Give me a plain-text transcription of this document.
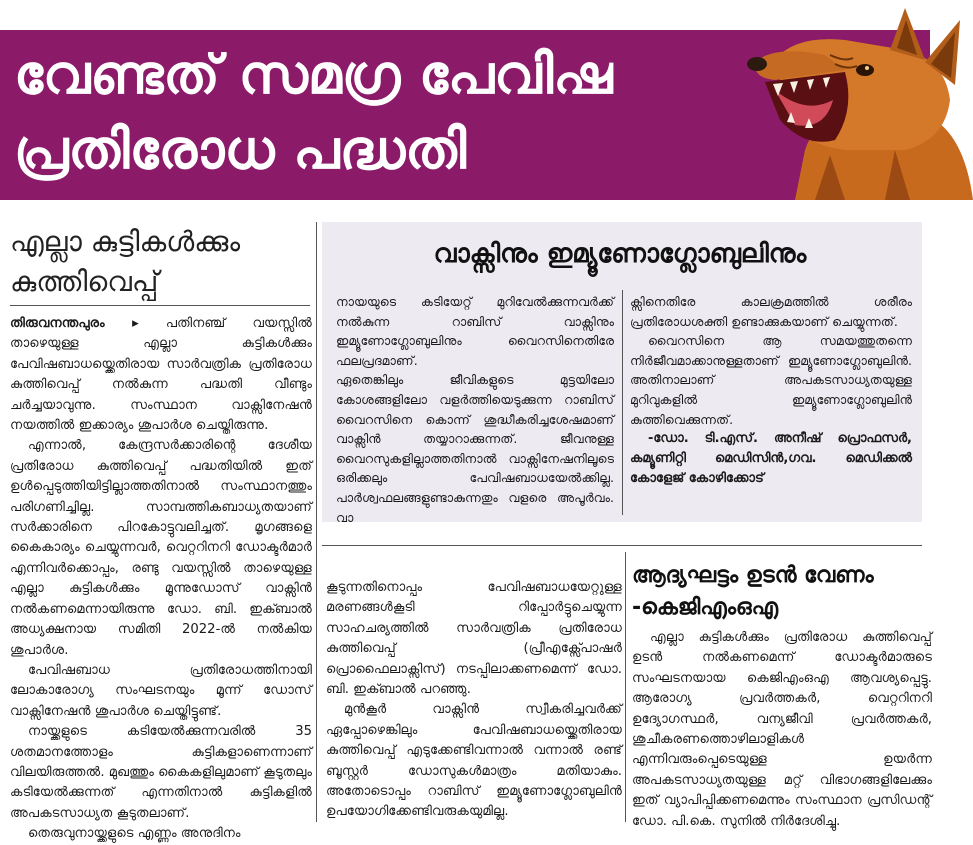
വേണ്ടത് സമഗ്ര പേവിഷ
പ്രതിരോധ പദ്ധതി
എല്ലാ കുട്ടികൾക്കും കുത്തിവെപ്പ്

തിരുവനന്തപുരം ▸ പതിനഞ്ച് വയസ്സിൽ താഴെയുള്ള എല്ലാ കുട്ടികൾക്കും പേവിഷബാധയ്ക്കെതിരായ സാർവത്രിക പ്രതിരോധ കുത്തിവെപ്പ് നൽകുന്ന പദ്ധതി വീണ്ടും ചർച്ചയാവുന്നു. സംസ്ഥാന വാക്സിനേഷൻ നയത്തിൽ ഇക്കാര്യം ശുപാർശ ചെയ്തിരുന്നു.

എന്നാൽ, കേന്ദ്രസർക്കാരിന്റെ ദേശീയ പ്രതിരോധ കുത്തിവെപ്പ് പദ്ധതിയിൽ ഇത് ഉൾപ്പെടുത്തിയിട്ടില്ലാത്തതിനാൽ സംസ്ഥാനത്തും പരിഗണിച്ചില്ല. സാമ്പത്തികബാധ്യതയാണ് സർക്കാരിനെ പിറകോട്ടുവലിച്ചത്. മൃഗങ്ങളെ കൈകാര്യം ചെയ്യുന്നവർ, വെറ്ററിനറി ഡോക്ടർമാർ എന്നിവർക്കൊപ്പം, രണ്ടു വയസ്സിൽ താഴെയുള്ള എല്ലാ കുട്ടികൾക്കും മൂന്നുഡോസ് വാക്സിൻ നൽകണമെന്നായിരുന്നു ഡോ. ബി. ഇക്ബാൽ അധ്യക്ഷനായ സമിതി 2022-ൽ നൽകിയ ശുപാർശ.

പേവിഷബാധ പ്രതിരോധത്തിനായി ലോകാരോഗ്യ സംഘടനയും മൂന്ന് ഡോസ് വാക്സിനേഷൻ ശുപാർശ ചെയ്തിട്ടുണ്ട്.

നായ്ക്കളുടെ കടിയേൽക്കുന്നവരിൽ 35 ശതമാനത്തോളം കുട്ടികളാണെന്നാണ് വിലയിരുത്തൽ. മുഖത്തും കൈകളിലുമാണ് കൂടുതലും കടിയേൽക്കുന്നത് എന്നതിനാൽ കുട്ടികളിൽ അപകടസാധ്യത കൂടുതലാണ്.

തെരുവുനായ്ക്കളുടെ എണ്ണം അനുദിനം

വാക്സിനും ഇമ്യൂണോഗ്ലോബുലിനും

നായയുടെ കടിയേറ്റ് മുറിവേൽക്കുന്നവർക്ക് നൽകുന്ന റാബിസ് വാക്സിനും ഇമ്യൂണോഗ്ലോബുലിനും വൈറസിനെതിരേ ഫലപ്രദമാണ്.

ഏതെങ്കിലും ജീവികളുടെ മുട്ടയിലോ കോശങ്ങളിലോ വളർത്തിയെടുക്കുന്ന റാബിസ് വൈറസിനെ കൊന്ന് ശുദ്ധീകരിച്ചശേഷമാണ് വാക്സിൻ തയ്യാറാക്കുന്നത്. ജീവനുള്ള വൈറസുകളില്ലാത്തതിനാൽ വാക്സിനേഷനിലൂടെ ഒരിക്കലും പേവിഷബാധയേൽക്കില്ല. പാർശ്വഫലങ്ങളുണ്ടാകുന്നതും വളരെ അപൂർവം. വാ

ക്സിനെതിരേ കാലക്രമത്തിൽ ശരീരം പ്രതിരോധശക്തി ഉണ്ടാക്കുകയാണ് ചെയ്യുന്നത്.

വൈറസിനെ ആ സമയത്തുതന്നെ നിർജീവമാക്കാനുള്ളതാണ് ഇമ്യൂണോഗ്ലോബുലിൻ. അതിനാലാണ് അപകടസാധ്യതയുള്ള മുറിവുകളിൽ ഇമ്യൂണോഗ്ലോബുലിൻ കുത്തിവെക്കുന്നത്.

-ഡോ. ടി.എസ്. അനീഷ് പ്രൊഫസർ, കമ്യൂണിറ്റി മെഡിസിൻ,ഗവ. മെഡിക്കൽ കോളേജ് കോഴിക്കോട്

കൂടുന്നതിനൊപ്പം പേവിഷബാധയേറ്റുള്ള മരണങ്ങൾകൂടി റിപ്പോർട്ടുചെയ്യുന്ന സാഹചര്യത്തിൽ സാർവത്രിക പ്രതിരോധ കുത്തിവെപ്പ് (പ്രീഎക്സ്പോഷർ പ്രൊഫൈലാക്സിസ്) നടപ്പിലാക്കണമെന്ന് ഡോ. ബി. ഇക്ബാൽ പറഞ്ഞു.

മുൻകൂർ വാക്സിൻ സ്വീകരിച്ചവർക്ക് ഏപ്പോഴെങ്കിലും പേവിഷബാധയ്ക്കെതിരായ കുത്തിവെപ്പ് എടുക്കേണ്ടിവന്നാൽ വന്നാൽ രണ്ട് ബൂസ്റ്റർ ഡോസുകൾമാത്രം മതിയാകും. അതോടൊപ്പം റാബിസ് ഇമ്യൂണോഗ്ലോബുലിൻ ഉപയോഗിക്കേണ്ടിവരുകയുമില്ല.

ആദ്യഘട്ടം ഉടൻ വേണം -കെജിഎംഒഎ

എല്ലാ കുട്ടികൾക്കും പ്രതിരോധ കുത്തിവെപ്പ് ഉടൻ നൽകണമെന്ന് ഡോക്ടർമാരുടെ സംഘടനയായ കെജിഎംഒഎ ആവശ്യപ്പെട്ടു. ആരോഗ്യ പ്രവർത്തകർ, വെറ്ററിനറി ഉദ്യോഗസ്ഥർ, വന്യജീവി പ്രവർത്തകർ, ശുചീകരണത്തൊഴിലാളികൾ എന്നിവരുംപ്പെടെയുള്ള ഉയർന്ന അപകടസാധ്യതയുള്ള മറ്റ് വിഭാഗങ്ങളിലേക്കും ഇത് വ്യാപിപ്പിക്കണമെന്നും സംസ്ഥാന പ്രസിഡന്റ് ഡോ. പി.കെ. സുനിൽ നിർദേശിച്ചു.
